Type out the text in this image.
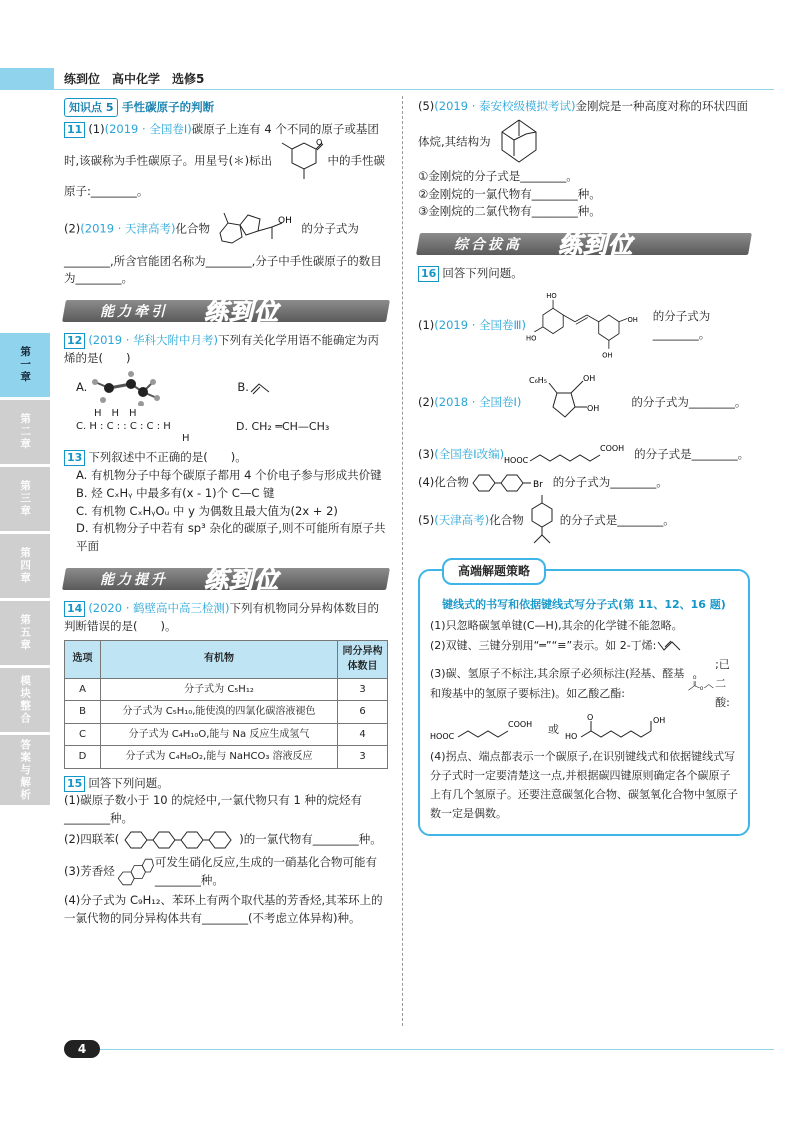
练到位　高中化学　选修5
第一章
第二章
第三章
第四章
第五章
模块整合
答案与解析
知识点 5 手性碳原子的判断
11 (1)(2019 · 全国卷Ⅰ)碳原子上连有 4 个不同的原子或基团时,该碳称为手性碳原子。用星号(＊)标出
O
中的手性碳原子:________。
(2)(2019 · 天津高考)化合物
OH
的分子式为________,所含官能团名称为________,分子中手性碳原子的数目为________。
能力牵引 练到位
12 (2019 · 华科大附中月考)下列有关化学用语不能确定为丙烯的是(　　)
A.	B.
H　H　H
C. H : C : : C : C : H	D. CH₂ ═CH—CH₃
H
13 下列叙述中不正确的是(　　)。
A. 有机物分子中每个碳原子都用 4 个价电子参与形成共价键
B. 烃 CₓHᵧ 中最多有(x - 1)个 C—C 键
C. 有机物 CₓHᵧOᵤ 中 y 为偶数且最大值为(2x + 2)
D. 有机物分子中若有 sp³ 杂化的碳原子,则不可能所有原子共平面
能力提升 练到位
14 (2020 · 鹤壁高中高三检测)下列有机物同分异构体数目的判断错误的是(　　)。
选项	有机物	同分异构体数目
A	分子式为 C₅H₁₂	3
B	分子式为 C₅H₁₀,能使溴的四氯化碳溶液褪色	6
C	分子式为 C₄H₁₀O,能与 Na 反应生成氢气	4
D	分子式为 C₄H₈O₂,能与 NaHCO₃ 溶液反应	3
15 回答下列问题。
(1)碳原子数小于 10 的烷烃中,一氯代物只有 1 种的烷烃有________种。
(2)四联苯(	)的一氯代物有________种。
(3)芳香烃
可发生硝化反应,生成的一硝基化合物可能有________种。
(4)分子式为 C₉H₁₂、苯环上有两个取代基的芳香烃,其苯环上的一氯代物的同分异构体共有________(不考虑立体异构)种。
(5)(2019 · 泰安校级模拟考试)金刚烷是一种高度对称的环状四面体烷,其结构为
①金刚烷的分子式是________。
②金刚烷的一氯代物有________种。
③金刚烷的二氯代物有________种。
综合拔高 练到位
16 回答下列问题。
(1)(2019 · 全国卷Ⅲ)
HO
HO
OH
OH
的分子式为________。
(2)(2018 · 全国卷Ⅰ)
C₆H₅	OH
OH	的分子式为________。
(3)(全国卷Ⅰ改编) HOOC
COOH 的分子式是________。
(4)化合物	Br 的分子式为________。
(5)(天津高考)化合物	的分子式是________。
高端解题策略
键线式的书写和依据键线式写分子式(第 11、12、16 题)
(1)只忽略碳氢单键(C—H),其余的化学键不能忽略。
(2)双键、三键分别用“═”“≡”表示。如 2-丁烯:
(3)碳、氢原子不标注,其余原子必须标注(羟基、醛基和羧基中的氢原子要标注)。如乙酸乙酯:
O
O
;已二酸:
HOOC
COOH 或
HO
O	OH
(4)拐点、端点都表示一个碳原子,在识别键线式和依据键线式写分子式时一定要清楚这一点,并根据碳四键原则确定各个碳原子上有几个氢原子。还要注意碳氢化合物、碳氢氧化合物中氢原子数一定是偶数。
4
